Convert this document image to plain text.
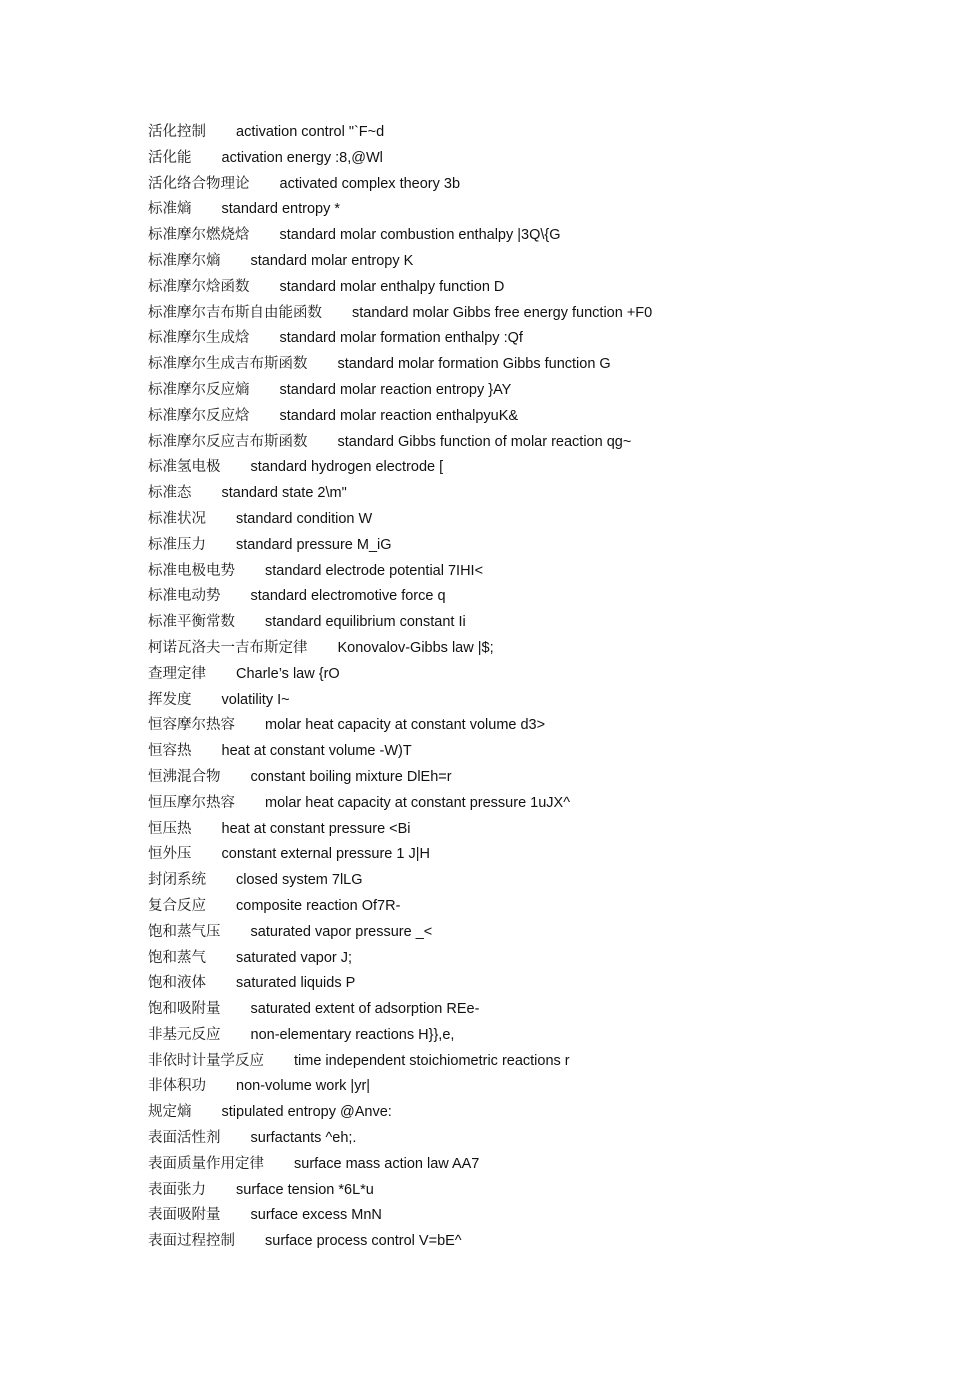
活化控制 activation control "`F~d
活化能 activation energy :8,@Wl
活化络合物理论 activated complex theory 3b
标准熵 standard entropy *
标准摩尔燃烧焓 standard molar combustion enthalpy |3Q\{G
标准摩尔熵 standard molar entropy K
标准摩尔焓函数 standard molar enthalpy function D
标准摩尔吉布斯自由能函数 standard molar Gibbs free energy function +F0
标准摩尔生成焓 standard molar formation enthalpy :Qf
标准摩尔生成吉布斯函数 standard molar formation Gibbs function G
标准摩尔反应熵 standard molar reaction entropy }AY
标准摩尔反应焓 standard molar reaction enthalpyuK&
标准摩尔反应吉布斯函数 standard Gibbs function of molar reaction qg~
标准氢电极 standard hydrogen electrode [
标准态 standard state 2\m"
标准状况 standard condition W
标准压力 standard pressure M_iG
标准电极电势 standard electrode potential 7IHI<
标准电动势 standard electromotive force q
标准平衡常数 standard equilibrium constant Ii
柯诺瓦洛夫一吉布斯定律 Konovalov-Gibbs law |$;
查理定律 Charle’s law {rO
挥发度 volatility I~
恒容摩尔热容 molar heat capacity at constant volume d3>
恒容热 heat at constant volume -W)T
恒沸混合物 constant boiling mixture DlEh=r
恒压摩尔热容 molar heat capacity at constant pressure 1uJX^
恒压热 heat at constant pressure <Bi
恒外压 constant external pressure 1 J|H
封闭系统 closed system 7lLG
复合反应 composite reaction Of7R-
饱和蒸气压 saturated vapor pressure _<
饱和蒸气 saturated vapor J;
饱和液体 saturated liquids P
饱和吸附量 saturated extent of adsorption REe-
非基元反应 non-elementary reactions H}},e,
非依时计量学反应 time independent stoichiometric reactions r
非体积功 non-volume work |yr|
规定熵 stipulated entropy @Anve:
表面活性剂 surfactants ^eh;.
表面质量作用定律 surface mass action law AA7
表面张力 surface tension *6L*u
表面吸附量 surface excess MnN
表面过程控制 surface process control V=bE^
